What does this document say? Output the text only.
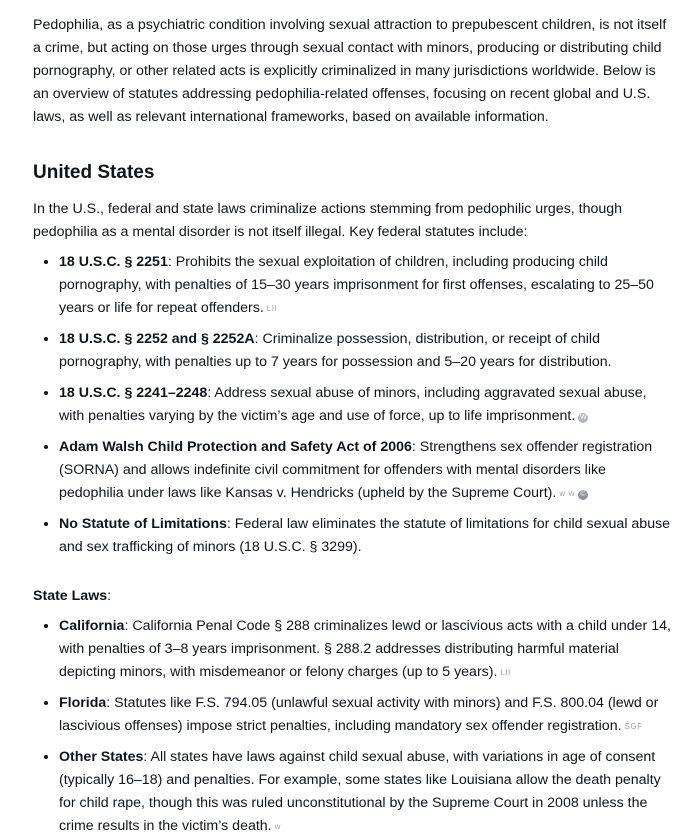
Pedophilia, as a psychiatric condition involving sexual attraction to prepubescent children, is not itself a crime, but acting on those urges through sexual contact with minors, producing or distributing child pornography, or other related acts is explicitly criminalized in many jurisdictions worldwide. Below is an overview of statutes addressing pedophilia-related offenses, focusing on recent global and U.S. laws, as well as relevant international frameworks, based on available information.

United States

In the U.S., federal and state laws criminalize actions stemming from pedophilic urges, though pedophilia as a mental disorder is not itself illegal. Key federal statutes include:

• 18 U.S.C. § 2251: Prohibits the sexual exploitation of children, including producing child pornography, with penalties of 15–30 years imprisonment for first offenses, escalating to 25–50 years or life for repeat offenders. LII
• 18 U.S.C. § 2252 and § 2252A: Criminalize possession, distribution, or receipt of child pornography, with penalties up to 7 years for possession and 5–20 years for distribution.
• 18 U.S.C. § 2241–2248: Address sexual abuse of minors, including aggravated sexual abuse, with penalties varying by the victim’s age and use of force, up to life imprisonment. W
• Adam Walsh Child Protection and Safety Act of 2006: Strengthens sex offender registration (SORNA) and allows indefinite civil commitment for offenders with mental disorders like pedophilia under laws like Kansas v. Hendricks (upheld by the Supreme Court). w w ©
• No Statute of Limitations: Federal law eliminates the statute of limitations for child sexual abuse and sex trafficking of minors (18 U.S.C. § 3299).

State Laws:

• California: California Penal Code § 288 criminalizes lewd or lascivious acts with a child under 14, with penalties of 3–8 years imprisonment. § 288.2 addresses distributing harmful material depicting minors, with misdemeanor or felony charges (up to 5 years). LII
• Florida: Statutes like F.S. 794.05 (unlawful sexual activity with minors) and F.S. 800.04 (lewd or lascivious offenses) impose strict penalties, including mandatory sex offender registration. SGF
• Other States: All states have laws against child sexual abuse, with variations in age of consent (typically 16–18) and penalties. For example, some states like Louisiana allow the death penalty for child rape, though this was ruled unconstitutional by the Supreme Court in 2008 unless the crime results in the victim’s death. w
